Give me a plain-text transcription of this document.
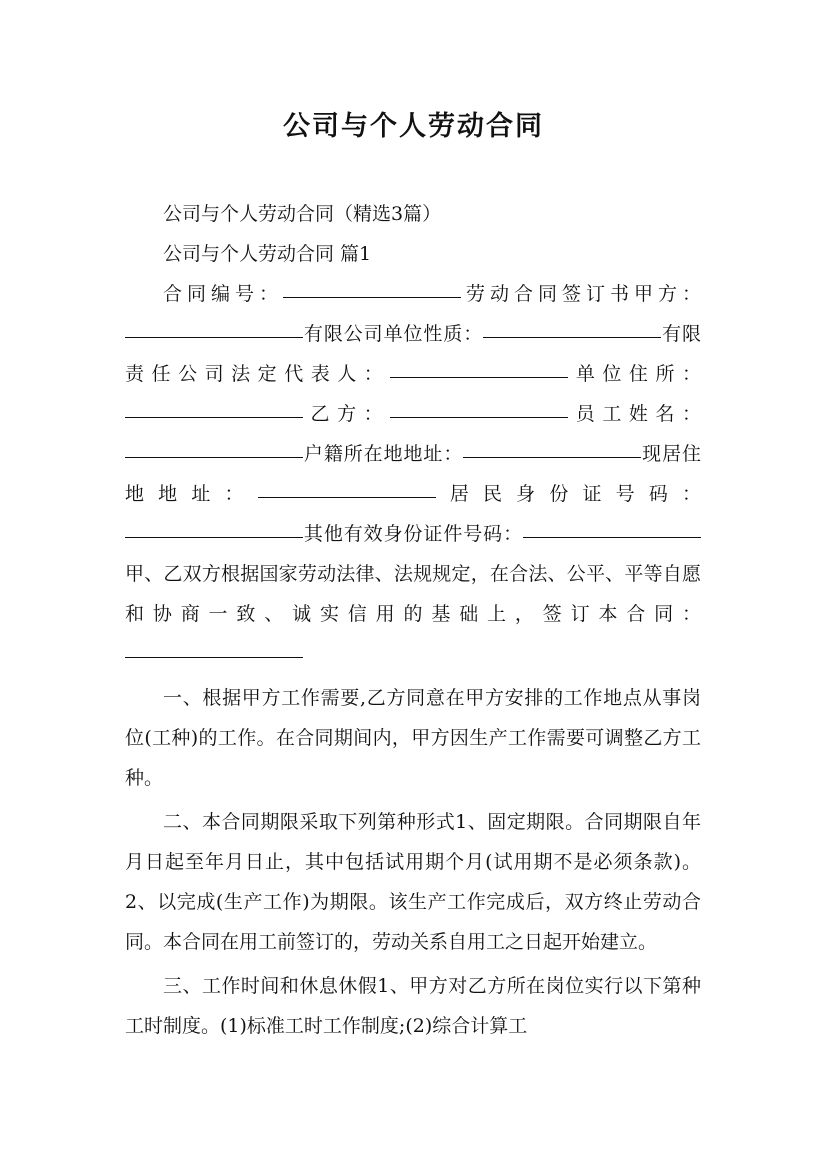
公司与个人劳动合同

公司与个人劳动合同（精选3篇）

公司与个人劳动合同 篇1

合同编号：	劳动合同签订书甲方：有限公司单位性质：	有限责任公司法定代表人：	单位住所：乙方：	员工姓名：户籍所在地地址：	现居住地地址：	居民身份证号码：其他有效身份证件号码：甲、乙双方根据国家劳动法律、法规规定，在合法、公平、平等自愿和协商一致、诚实信用的基础上，签订本合同：

一、根据甲方工作需要,乙方同意在甲方安排的工作地点从事岗位(工种)的工作。在合同期间内，甲方因生产工作需要可调整乙方工种。

二、本合同期限采取下列第种形式1、固定期限。合同期限自年月日起至年月日止，其中包括试用期个月(试用期不是必须条款)。2、以完成(生产工作)为期限。该生产工作完成后，双方终止劳动合同。本合同在用工前签订的，劳动关系自用工之日起开始建立。

三、工作时间和休息休假1、甲方对乙方所在岗位实行以下第种工时制度。(1)标准工时工作制度;(2)综合计算工
